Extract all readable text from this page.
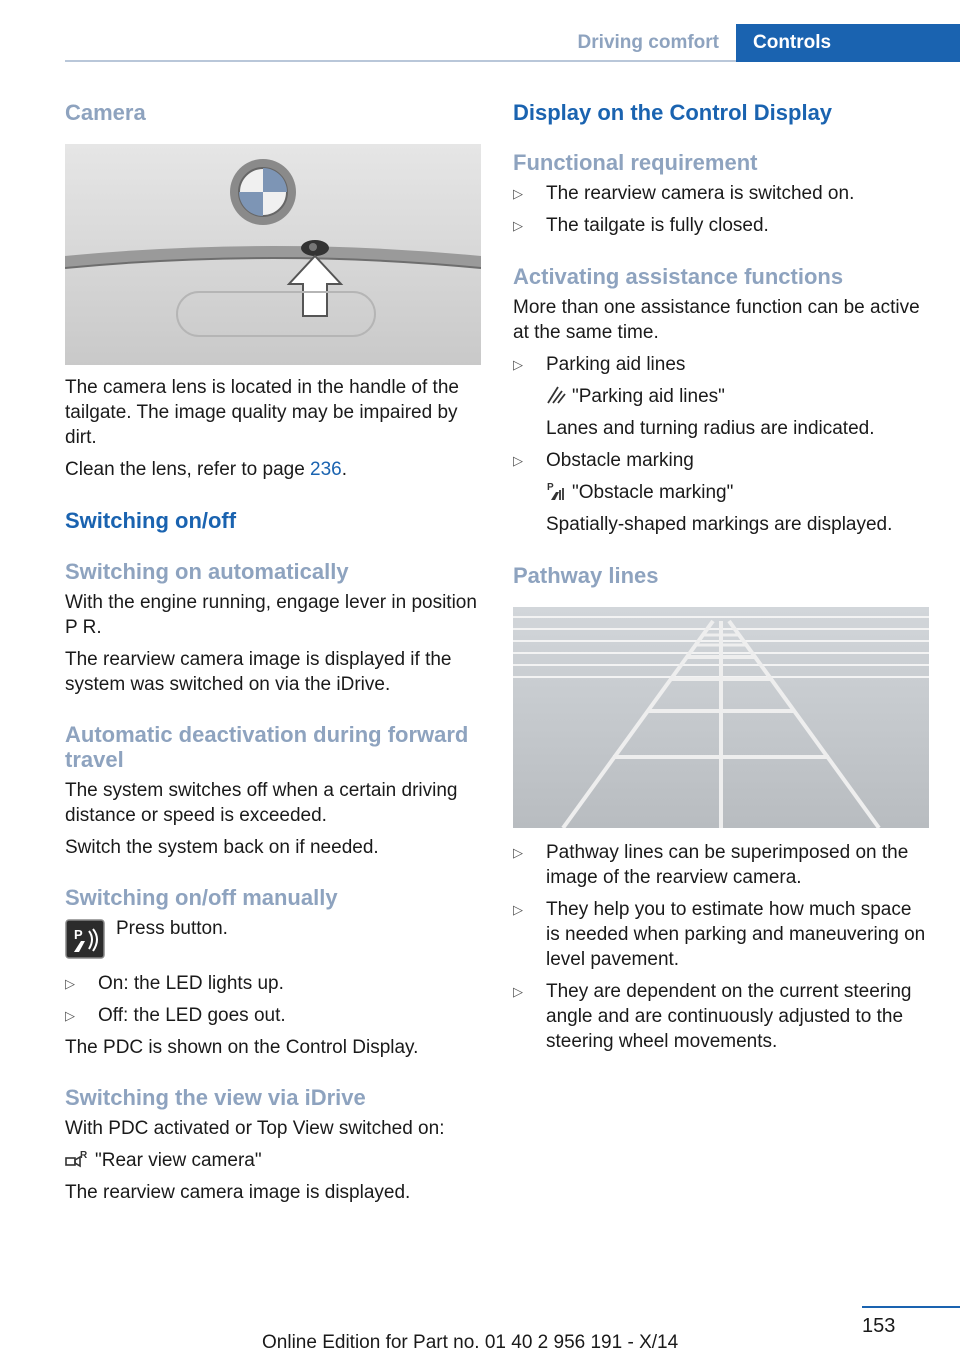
Driving comfort	Controls
Camera

The camera lens is located in the handle of the tailgate. The image quality may be impaired by dirt.

Clean the lens, refer to page 236.

Switching on/off
Switching on automatically

With the engine running, engage lever in position P R.

The rearview camera image is displayed if the system was switched on via the iDrive.

Automatic deactivation during forward travel

The system switches off when a certain driving distance or speed is exceeded.

Switch the system back on if needed.

Switching on/off manually
P Press button.

▷ On: the LED lights up.
▷ Off: the LED goes out.

The PDC is shown on the Control Display.

Switching the view via iDrive

With PDC activated or Top View switched on:

R "Rear view camera"

The rearview camera image is displayed.

Display on the Control Display
Functional requirement
▷ The rearview camera is switched on.
▷ The tailgate is fully closed.
Activating assistance functions

More than one assistance function can be active at the same time.

▷ Parking aid lines
"Parking aid lines"
Lanes and turning radius are indicated.
▷ Obstacle marking
P "Obstacle marking"
Spatially-shaped markings are displayed.
Pathway lines
▷ Pathway lines can be superimposed on the image of the rearview camera.
▷ They help you to estimate how much space is needed when parking and maneuvering on level pavement.
▷ They are dependent on the current steering angle and are continuously adjusted to the steering wheel movements.
153
Online Edition for Part no. 01 40 2 956 191 - X/14
